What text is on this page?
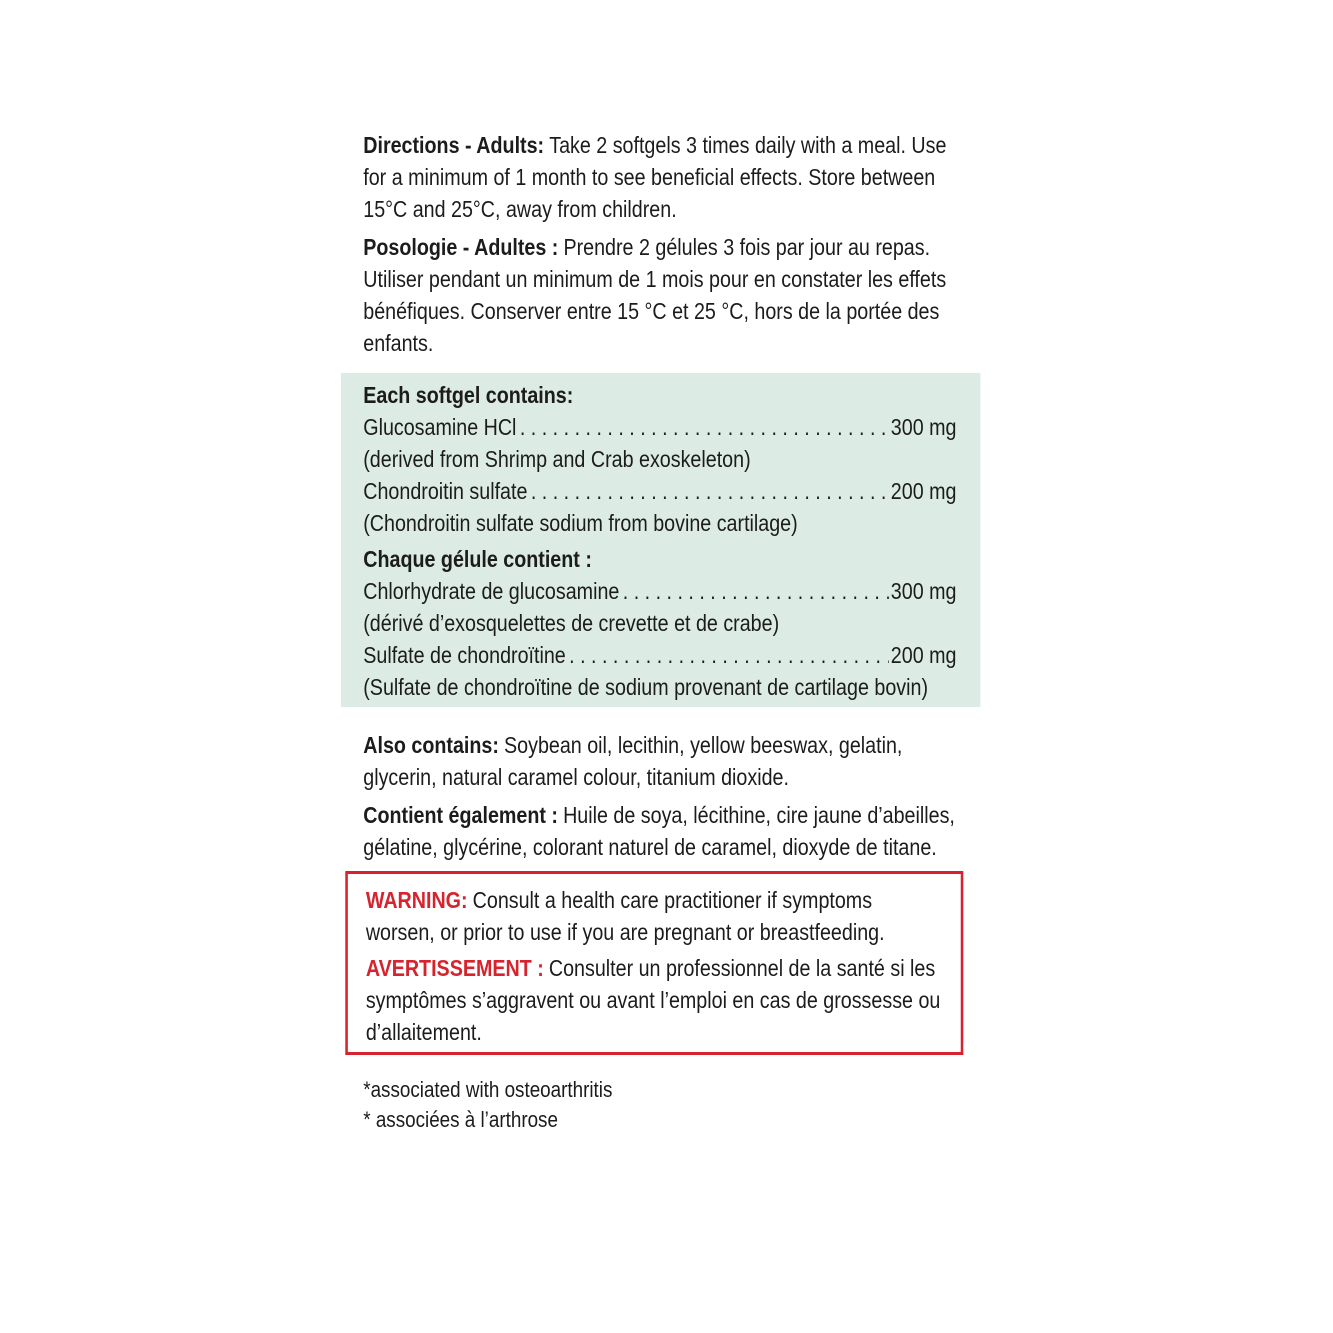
Directions - Adults: Take 2 softgels 3 times daily with a meal. Use for a minimum of 1 month to see beneficial effects. Store between 15°C and 25°C, away from children.

Posologie - Adultes : Prendre 2 gélules 3 fois par jour au repas. Utiliser pendant un minimum de 1 mois pour en constater les effets bénéfiques. Conserver entre 15 °C et 25 °C, hors de la portée des enfants.

Each softgel contains:
Glucosamine HCl . . .	300 mg
(derived from Shrimp and Crab exoskeleton)
Chondroitin sulfate . . .	200 mg
(Chondroitin sulfate sodium from bovine cartilage)
Chaque gélule contient :
Chlorhydrate de glucosamine . . .	300 mg
(dérivé d’exosquelettes de crevette et de crabe)
Sulfate de chondroïtine . . .	200 mg
(Sulfate de chondroïtine de sodium provenant de cartilage bovin)

Also contains: Soybean oil, lecithin, yellow beeswax, gelatin, glycerin, natural caramel colour, titanium dioxide.

Contient également : Huile de soya, lécithine, cire jaune d’abeilles, gélatine, glycérine, colorant naturel de caramel, dioxyde de titane.

WARNING: Consult a health care practitioner if symptoms worsen, or prior to use if you are pregnant or breastfeeding.

AVERTISSEMENT : Consulter un professionnel de la santé si les symptômes s’aggravent ou avant l’emploi en cas de grossesse ou d’allaitement.

*associated with osteoarthritis
* associées à l’arthrose
